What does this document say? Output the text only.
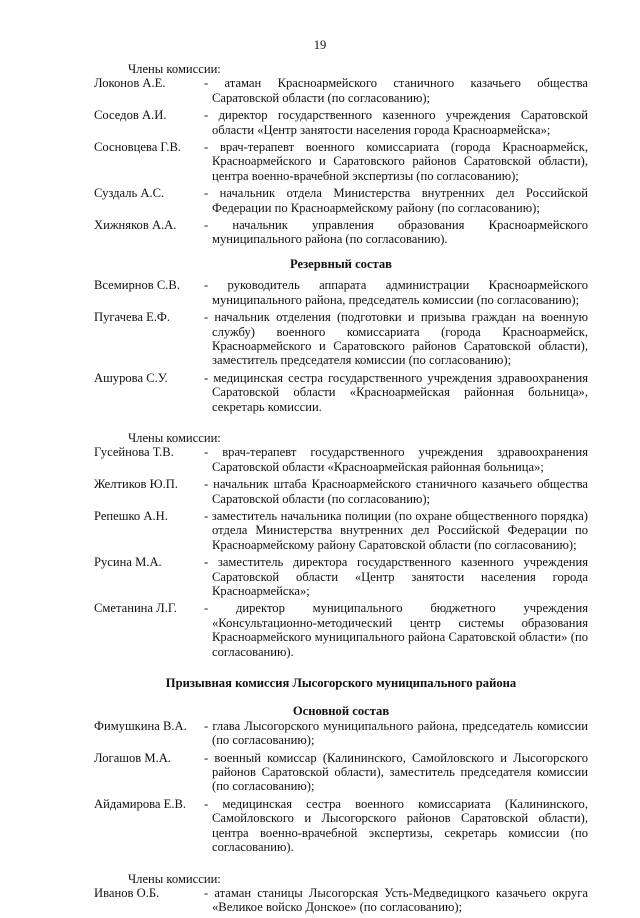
19

Члены комиссии:

Локонов А.Е.	- атаман Красноармейского станичного казачьего общества Саратовской области (по согласованию);
Соседов А.И.	- директор государственного казенного учреждения Саратовской области «Центр занятости населения города Красноармейска»;
Сосновцева Г.В.	- врач-терапевт военного комиссариата (города Красноармейск, Красноармейского и Саратовского районов Саратовской области), центра военно-врачебной экспертизы (по согласованию);
Суздаль А.С.	- начальник отдела Министерства внутренних дел Российской Федерации по Красноармейскому району (по согласованию);
Хижняков А.А.	- начальник управления образования Красноармейского муниципального района (по согласованию).

Резервный состав

Всемирнов С.В.	- руководитель аппарата администрации Красноармейского муниципального района, председатель комиссии (по согласованию);
Пугачева Е.Ф.	- начальник отделения (подготовки и призыва граждан на военную службу) военного комиссариата (города Красноармейск, Красноармейского и Саратовского районов Саратовской области), заместитель председателя комиссии (по согласованию);
Ашурова С.У.	- медицинская сестра государственного учреждения здравоохранения Саратовской области «Красноармейская районная больница», секретарь комиссии.

Члены комиссии:

Гусейнова Т.В.	- врач-терапевт государственного учреждения здравоохранения Саратовской области «Красноармейская районная больница»;
Желтиков Ю.П.	- начальник штаба Красноармейского станичного казачьего общества Саратовской области (по согласованию);
Репешко А.Н.	- заместитель начальника полиции (по охране общественного порядка) отдела Министерства внутренних дел Российской Федерации по Красноармейскому району Саратовской области (по согласованию);
Русина М.А.	- заместитель директора государственного казенного учреждения Саратовской области «Центр занятости населения города Красноармейска»;
Сметанина Л.Г.	- директор муниципального бюджетного учреждения «Консультационно-методический центр системы образования Красноармейского муниципального района Саратовской области» (по согласованию).

Призывная комиссия Лысогорского муниципального района

Основной состав

Фимушкина В.А.	- глава Лысогорского муниципального района, председатель комиссии (по согласованию);
Логашов М.А.	- военный комиссар (Калининского, Самойловского и Лысогорского районов Саратовской области), заместитель председателя комиссии (по согласованию);
Айдамирова Е.В.	- медицинская сестра военного комиссариата (Калининского, Самойловского и Лысогорского районов Саратовской области), центра военно-врачебной экспертизы, секретарь комиссии (по согласованию).

Члены комиссии:

Иванов О.Б.	- атаман станицы Лысогорская Усть-Медведицкого казачьего округа «Великое войско Донское» (по согласованию);
